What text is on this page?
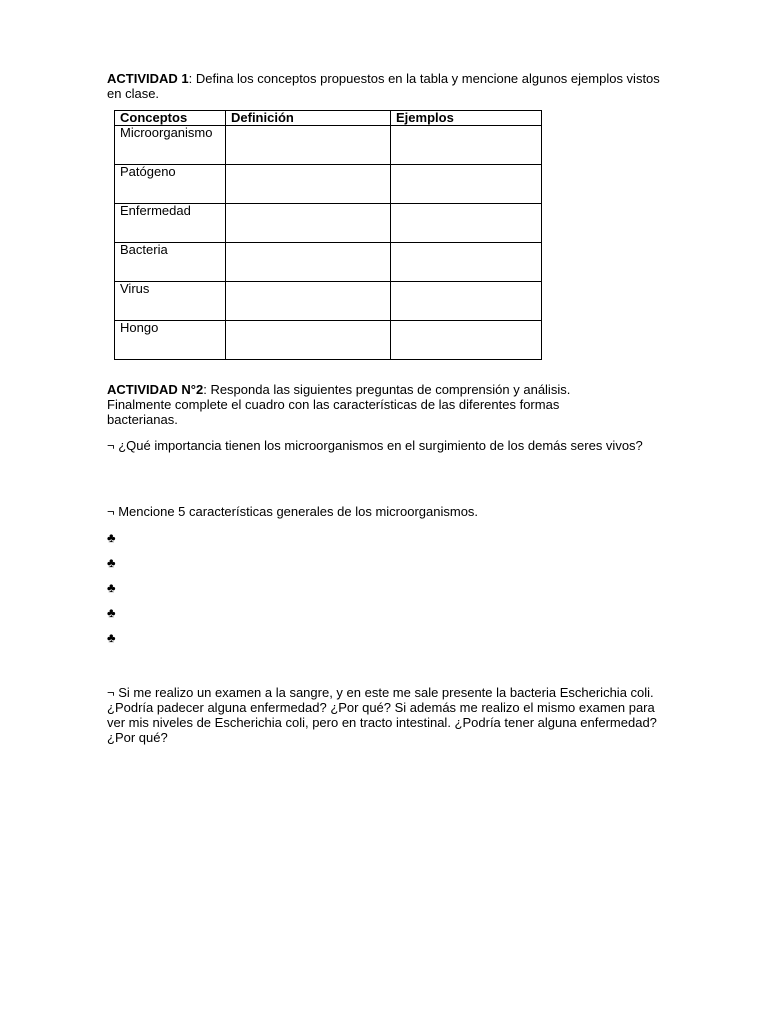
ACTIVIDAD 1: Defina los conceptos propuestos en la tabla y mencione algunos ejemplos vistos en clase.

Conceptos	Definición	Ejemplos
Microorganismo		
Patógeno		
Enfermedad		
Bacteria		
Virus		
Hongo		

ACTIVIDAD N°2: Responda las siguientes preguntas de comprensión y análisis. Finalmente complete el cuadro con las características de las diferentes formas bacterianas.

¬ ¿Qué importancia tienen los microorganismos en el surgimiento de los demás seres vivos?

¬ Mencione 5 características generales de los microorganismos.

♣
♣
♣
♣
♣

¬ Si me realizo un examen a la sangre, y en este me sale presente la bacteria Escherichia coli. ¿Podría padecer alguna enfermedad? ¿Por qué? Si además me realizo el mismo examen para ver mis niveles de Escherichia coli, pero en tracto intestinal. ¿Podría tener alguna enfermedad? ¿Por qué?
